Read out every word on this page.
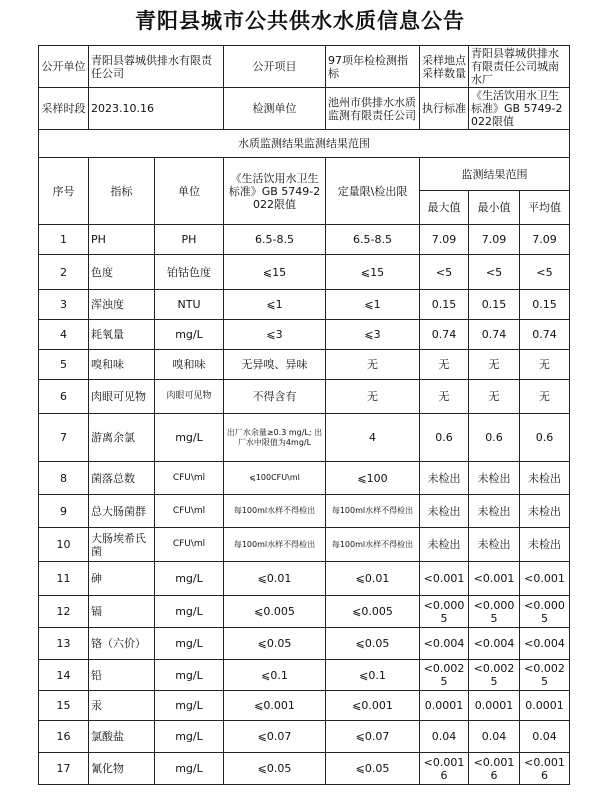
青阳县城市公共供水水质信息公告
公开单位	青阳县蓉城供排水有限责任公司		公开项目	97项年检检测指标	采样地点采样数量	青阳县蓉城供排水有限责任公司城南水厂	
采样时段	2023.10.16		检测单位	池州市供排水水质监测有限责任公司	执行标准	《生活饮用水卫生标准》GB 5749-2022限值	
水质监测结果监测结果范围							
序号	指标	单位	《生活饮用水卫生标准》GB 5749-2022限值	定量限\检出限	监测结果范围		
					最大值	最小值	平均值
1	PH	PH	6.5-8.5	6.5-8.5	7.09	7.09	7.09
2	色度	铂钴色度	⩽15	⩽15	<5	<5	<5
3	浑浊度	NTU	⩽1	⩽1	0.15	0.15	0.15
4	耗氧量	mg/L	⩽3	⩽3	0.74	0.74	0.74
5	嗅和味	嗅和味	无异嗅、异味	无	无	无	无
6	肉眼可见物	肉眼可见物	不得含有	无	无	无	无
7	游离余氯	mg/L	出厂水余量≥0.3 mg/L; 出厂水中限值为4mg/L	4	0.6	0.6	0.6
8	菌落总数	CFU\ml	⩽100CFU\ml	⩽100	未检出	未检出	未检出
9	总大肠菌群	CFU\ml	每100ml水样不得检出	每100ml水样不得检出	未检出	未检出	未检出
10	大肠埃希氏菌	CFU\ml	每100ml水样不得检出	每100ml水样不得检出	未检出	未检出	未检出
11	砷	mg/L	⩽0.01	⩽0.01	<0.001	<0.001	<0.001
12	镉	mg/L	⩽0.005	⩽0.005	<0.0005	<0.0005	<0.0005
13	铬（六价）	mg/L	⩽0.05	⩽0.05	<0.004	<0.004	<0.004
14	铅	mg/L	⩽0.1	⩽0.1	<0.0025	<0.0025	<0.0025
15	汞	mg/L	⩽0.001	⩽0.001	0.0001	0.0001	0.0001
16	氯酸盐	mg/L	⩽0.07	⩽0.07	0.04	0.04	0.04
17	氰化物	mg/L	⩽0.05	⩽0.05	<0.0016	<0.0016	<0.0016
